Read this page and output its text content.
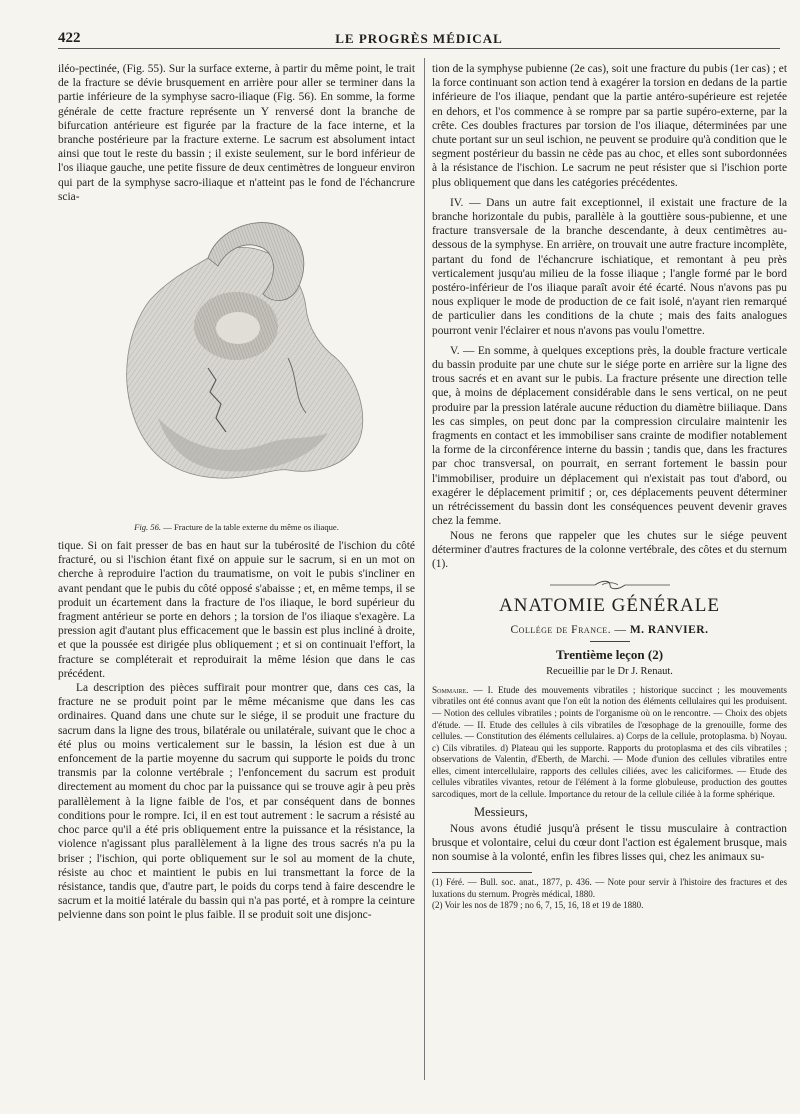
422	LE PROGRÈS MÉDICAL

iléo-pectinée, (Fig. 55). Sur la surface externe, à partir du même point, le trait de la fracture se dévie brusquement en arrière pour aller se terminer dans la partie inférieure de la symphyse sacro-iliaque (Fig. 56). En somme, la forme générale de cette fracture représente un Y renversé dont la branche de bifurcation antérieure est figurée par la fracture de la face interne, et la branche postérieure par la fracture externe. Le sacrum est absolument intact ainsi que tout le reste du bassin ; il existe seulement, sur le bord inférieur de l'os iliaque gauche, une petite fissure de deux centimètres de longueur environ qui part de la symphyse sacro-iliaque et n'atteint pas le fond de l'échancrure scia-

Fig. 56. — Fracture de la table externe du même os iliaque.

tique. Si on fait presser de bas en haut sur la tubérosité de l'ischion du côté fracturé, ou si l'ischion étant fixé on appuie sur le sacrum, si en un mot on cherche à reproduire l'action du traumatisme, on voit le pubis s'incliner en avant pendant que le pubis du côté opposé s'abaisse ; et, en même temps, il se produit un écartement dans la fracture de l'os iliaque, le bord supérieur du fragment antérieur se porte en dehors ; la torsion de l'os iliaque s'exagère. La pression agit d'autant plus efficacement que le bassin est plus incliné à droite, et que la poussée est dirigée plus obliquement ; et si on continuait l'effort, la fracture se compléterait et reproduirait la même lésion que dans le cas précédent.

La description des pièces suffirait pour montrer que, dans ces cas, la fracture ne se produit point par le même mécanisme que dans les cas ordinaires. Quand dans une chute sur le siége, il se produit une fracture du sacrum dans la ligne des trous, bilatérale ou unilatérale, suivant que le choc a été plus ou moins verticalement sur le bassin, la lésion est due à un enfoncement de la partie moyenne du sacrum qui supporte le poids du tronc transmis par la colonne vertébrale ; l'enfoncement du sacrum est produit directement au moment du choc par la puissance qui se trouve agir à peu près parallèlement à la ligne faible de l'os, et par conséquent dans de bonnes conditions pour le rompre. Ici, il en est tout autrement : le sacrum a résisté au choc parce qu'il a été pris obliquement entre la puissance et la résistance, la violence n'agissant plus parallèlement à la ligne des trous sacrés n'a pu la briser ; l'ischion, qui porte obliquement sur le sol au moment de la chute, résiste au choc et maintient le pubis en lui transmettant la force de la résistance, tandis que, d'autre part, le poids du corps tend à faire descendre le sacrum et la moitié latérale du bassin qui n'a pas porté, et à rompre la ceinture pelvienne dans son point le plus faible. Il se produit soit une disjonc-

tion de la symphyse pubienne (2e cas), soit une fracture du pubis (1er cas) ; et la force continuant son action tend à exagérer la torsion en dedans de la partie inférieure de l'os iliaque, pendant que la partie antéro-supérieure est rejetée en dehors, et l'os commence à se rompre par sa partie supéro-externe, par la crête. Ces doubles fractures par torsion de l'os iliaque, déterminées par une chute portant sur un seul ischion, ne peuvent se produire qu'à condition que le segment postérieur du bassin ne cède pas au choc, et elles sont subordonnées à la résistance de l'ischion. Le sacrum ne peut résister que si l'ischion porte plus obliquement que dans les catégories précédentes.

IV. — Dans un autre fait exceptionnel, il existait une fracture de la branche horizontale du pubis, parallèle à la gouttière sous-pubienne, et une fracture transversale de la branche descendante, à deux centimètres au-dessous de la symphyse. En arrière, on trouvait une autre fracture incomplète, partant du fond de l'échancrure ischiatique, et remontant à peu près verticalement jusqu'au milieu de la fosse iliaque ; l'angle formé par le bord postéro-inférieur de l'os iliaque paraît avoir été écarté. Nous n'avons pas pu nous expliquer le mode de production de ce fait isolé, n'ayant rien remarqué de particulier dans les conditions de la chute ; mais des faits analogues pourront venir l'éclairer et nous n'avons pas voulu l'omettre.

V. — En somme, à quelques exceptions près, la double fracture verticale du bassin produite par une chute sur le siége porte en arrière sur la ligne des trous sacrés et en avant sur le pubis. La fracture présente une direction telle que, à moins de déplacement considérable dans le sens vertical, on ne peut produire par la pression latérale aucune réduction du diamètre biiliaque. Dans les cas simples, on peut donc par la compression circulaire maintenir les fragments en contact et les immobiliser sans crainte de modifier notablement la forme de la circonférence interne du bassin ; tandis que, dans les fractures par choc transversal, on pourrait, en serrant fortement le bassin pour l'immobiliser, produire un déplacement qui n'existait pas tout d'abord, ou exagérer le déplacement primitif ; or, ces déplacements peuvent déterminer un rétrécissement du bassin dont les conséquences peuvent devenir graves chez la femme.

Nous ne ferons que rappeler que les chutes sur le siége peuvent déterminer d'autres fractures de la colonne vertébrale, des côtes et du sternum (1).

ANATOMIE GÉNÉRALE
Collége de France. — M. RANVIER.
Trentième leçon (2)
Recueillie par le Dr J. Renaut.

Sommaire. — I. Etude des mouvements vibratiles ; historique succinct ; les mouvements vibratiles ont été connus avant que l'on eût la notion des éléments cellulaires qui les produisent. — Notion des cellules vibratiles ; points de l'organisme où on le rencontre. — Choix des objets d'étude. — II. Etude des cellules à cils vibratiles de l'œsophage de la grenouille, forme des cellules. — Constitution des éléments cellulaires. a) Corps de la cellule, protoplasma. b) Noyau. c) Cils vibratiles. d) Plateau qui les supporte. Rapports du protoplasma et des cils vibratiles ; observations de Valentin, d'Eberth, de Marchi. — Mode d'union des cellules vibratiles entre elles, ciment intercellulaire, rapports des cellules ciliées, avec les caliciformes. — Etude des cellules vibratiles vivantes, retour de l'élément à la forme globuleuse, production des gouttes sarcodiques, mort de la cellule. Importance du retour de la cellule ciliée à la forme sphérique.

Messieurs,

Nous avons étudié jusqu'à présent le tissu musculaire à contraction brusque et volontaire, celui du cœur dont l'action est également brusque, mais non soumise à la volonté, enfin les fibres lisses qui, chez les animaux su-

(1) Féré. — Bull. soc. anat., 1877, p. 436. — Note pour servir à l'histoire des fractures et des luxations du sternum. Progrès médical, 1880.

(2) Voir les nos de 1879 ; no 6, 7, 15, 16, 18 et 19 de 1880.
